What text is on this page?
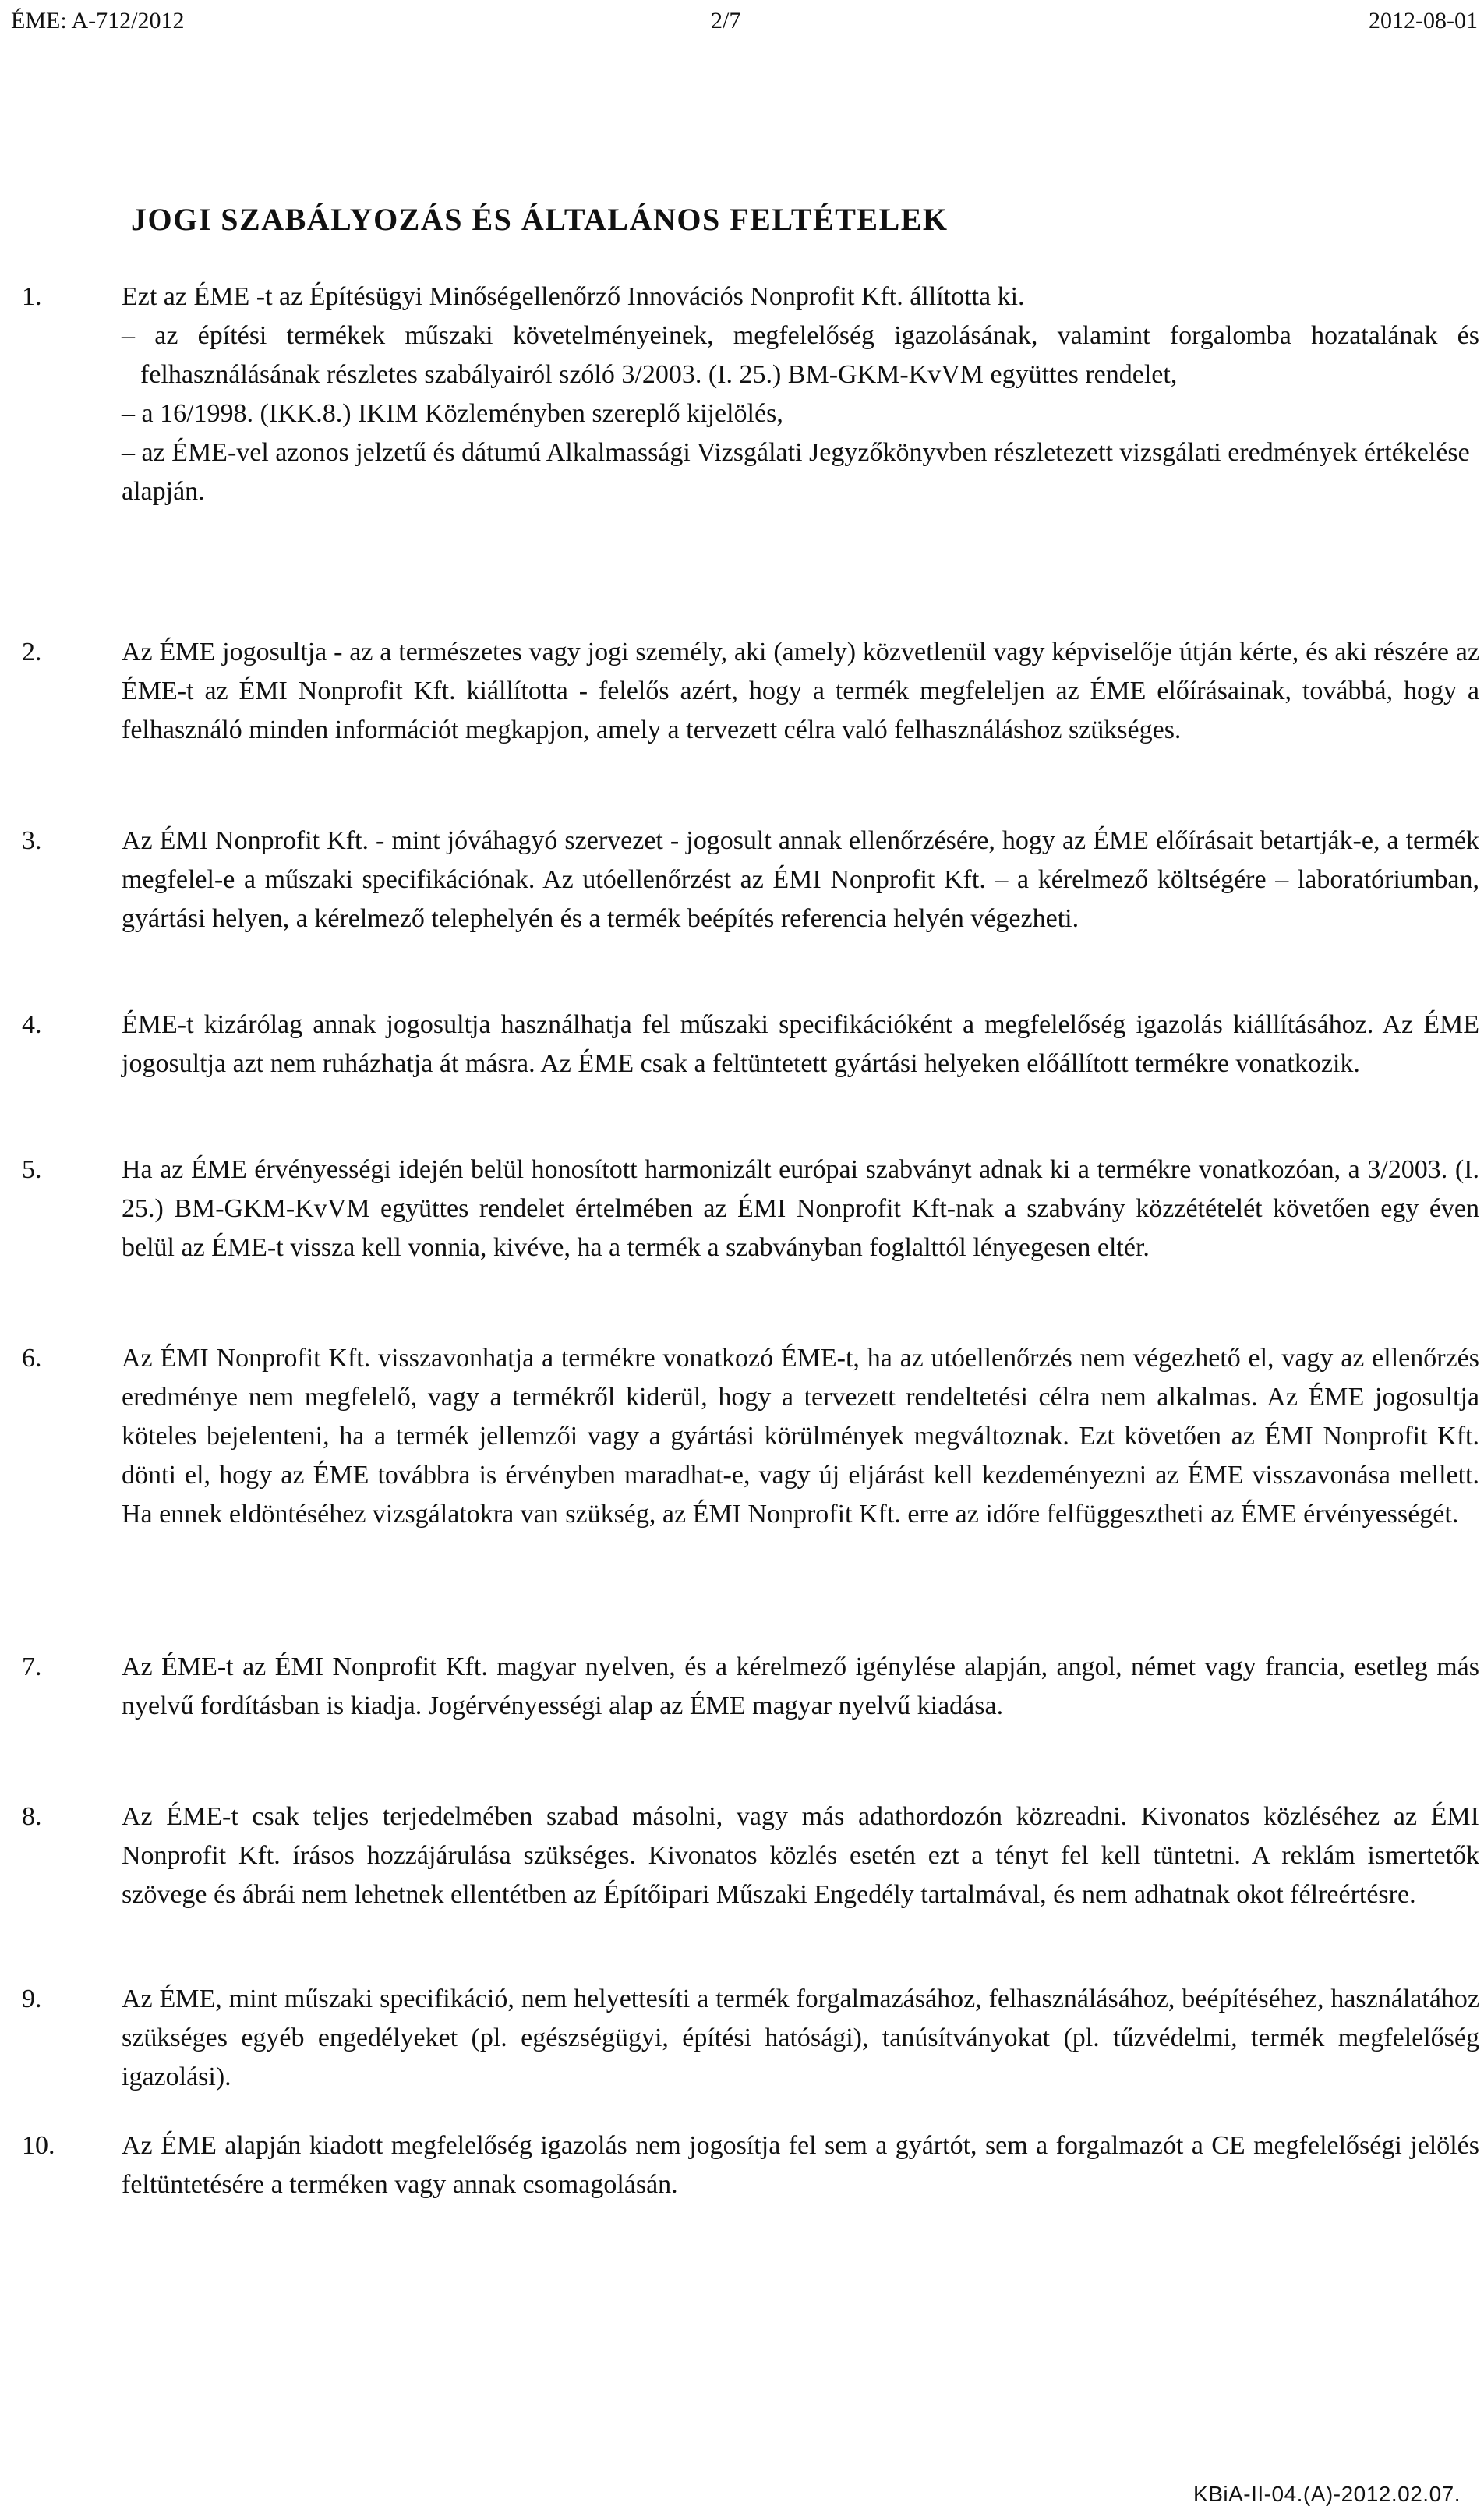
ÉME: A-712/2012	2/7	2012-08-01
JOGI SZABÁLYOZÁS ÉS ÁLTALÁNOS FELTÉTELEK
1.	Ezt az ÉME -t az Építésügyi Minőségellenőrző Innovációs Nonprofit Kft. állította ki.

– az építési termékek műszaki követelményeinek, megfelelőség igazolásának, valamint forgalomba hozatalának és felhasználásának részletes szabályairól szóló 3/2003. (I. 25.) BM-GKM-KvVM együttes rendelet,

– a 16/1998. (IKK.8.) IKIM Közleményben szereplő kijelölés,

– az ÉME-vel azonos jelzetű és dátumú Alkalmassági Vizsgálati Jegyzőkönyvben részletezett vizsgálati eredmények értékelése

alapján.

2.	Az ÉME jogosultja - az a természetes vagy jogi személy, aki (amely) közvetlenül vagy képviselője útján kérte, és aki részére az ÉME-t az ÉMI Nonprofit Kft. kiállította - felelős azért, hogy a termék megfeleljen az ÉME előírásainak, továbbá, hogy a felhasználó minden információt megkapjon, amely a tervezett célra való felhasználáshoz szükséges.
3.	Az ÉMI Nonprofit Kft. - mint jóváhagyó szervezet - jogosult annak ellenőrzésére, hogy az ÉME előírásait betartják-e, a termék megfelel-e a műszaki specifikációnak. Az utóellenőrzést az ÉMI Nonprofit Kft. – a kérelmező költségére – laboratóriumban, gyártási helyen, a kérelmező telephelyén és a termék beépítés referencia helyén végezheti.
4.	ÉME-t kizárólag annak jogosultja használhatja fel műszaki specifikációként a megfelelőség igazolás kiállításához. Az ÉME jogosultja azt nem ruházhatja át másra. Az ÉME csak a feltüntetett gyártási helyeken előállított termékre vonatkozik.
5.	Ha az ÉME érvényességi idején belül honosított harmonizált európai szabványt adnak ki a termékre vonatkozóan, a 3/2003. (I. 25.) BM-GKM-KvVM együttes rendelet értelmében az ÉMI Nonprofit Kft-nak a szabvány közzétételét követően egy éven belül az ÉME-t vissza kell vonnia, kivéve, ha a termék a szabványban foglalttól lényegesen eltér.
6.	Az ÉMI Nonprofit Kft. visszavonhatja a termékre vonatkozó ÉME-t, ha az utóellenőrzés nem végezhető el, vagy az ellenőrzés eredménye nem megfelelő, vagy a termékről kiderül, hogy a tervezett rendeltetési célra nem alkalmas. Az ÉME jogosultja köteles bejelenteni, ha a termék jellemzői vagy a gyártási körülmények megváltoznak. Ezt követően az ÉMI Nonprofit Kft. dönti el, hogy az ÉME továbbra is érvényben maradhat-e, vagy új eljárást kell kezdeményezni az ÉME visszavonása mellett. Ha ennek eldöntéséhez vizsgálatokra van szükség, az ÉMI Nonprofit Kft. erre az időre felfüggesztheti az ÉME érvényességét.
7.	Az ÉME-t az ÉMI Nonprofit Kft. magyar nyelven, és a kérelmező igénylése alapján, angol, német vagy francia, esetleg más nyelvű fordításban is kiadja. Jogérvényességi alap az ÉME magyar nyelvű kiadása.
8.	Az ÉME-t csak teljes terjedelmében szabad másolni, vagy más adathordozón közreadni. Kivonatos közléséhez az ÉMI Nonprofit Kft. írásos hozzájárulása szükséges. Kivonatos közlés esetén ezt a tényt fel kell tüntetni. A reklám ismertetők szövege és ábrái nem lehetnek ellentétben az Építőipari Műszaki Engedély tartalmával, és nem adhatnak okot félreértésre.
9.	Az ÉME, mint műszaki specifikáció, nem helyettesíti a termék forgalmazásához, felhasználásához, beépítéséhez, használatához szükséges egyéb engedélyeket (pl. egészségügyi, építési hatósági), tanúsítványokat (pl. tűzvédelmi, termék megfelelőség igazolási).
10.	Az ÉME alapján kiadott megfelelőség igazolás nem jogosítja fel sem a gyártót, sem a forgalmazót a CE megfelelőségi jelölés feltüntetésére a terméken vagy annak csomagolásán.
KBiA-II-04.(A)-2012.02.07.
